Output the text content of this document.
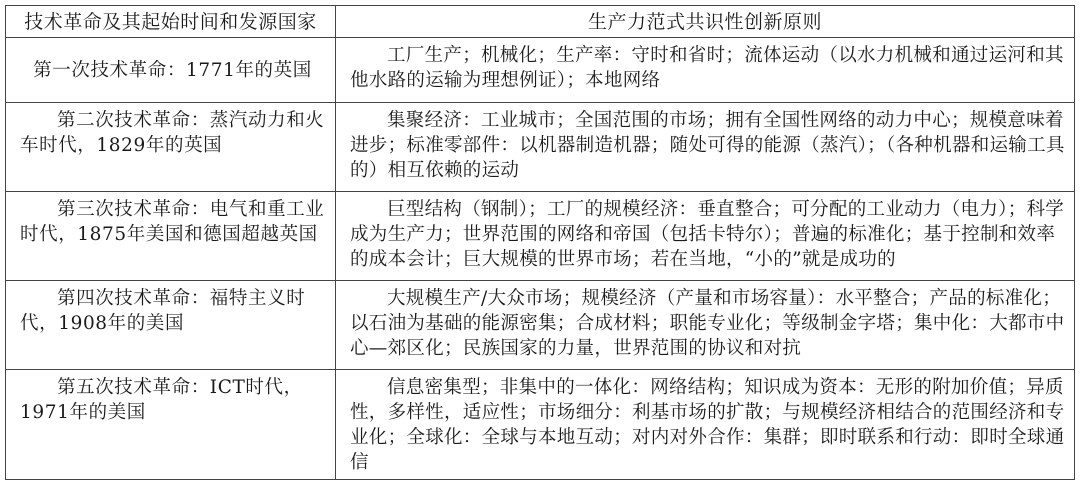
技术革命及其起始时间和发源国家	生产力范式共识性创新原则
第一次技术革命：1771年的英国	工厂生产；机械化；生产率：守时和省时；流体运动（以水力机械和通过运河和其他水路的运输为理想例证）；本地网络
第二次技术革命：蒸汽动力和火车时代，1829年的英国	集聚经济：工业城市；全国范围的市场；拥有全国性网络的动力中心；规模意味着进步；标准零部件：以机器制造机器；随处可得的能源（蒸汽）；（各种机器和运输工具的）相互依赖的运动
第三次技术革命：电气和重工业时代，1875年美国和德国超越英国	巨型结构（钢制）；工厂的规模经济：垂直整合；可分配的工业动力（电力）；科学成为生产力；世界范围的网络和帝国（包括卡特尔）；普遍的标准化；基于控制和效率的成本会计；巨大规模的世界市场；若在当地，“小的”就是成功的
第四次技术革命：福特主义时代，1908年的美国	大规模生产/大众市场；规模经济（产量和市场容量）：水平整合；产品的标准化；以石油为基础的能源密集；合成材料；职能专业化；等级制金字塔；集中化：大都市中心—郊区化；民族国家的力量，世界范围的协议和对抗
第五次技术革命：ICT时代，1971年的美国	信息密集型；非集中的一体化：网络结构；知识成为资本：无形的附加价值；异质性，多样性，适应性；市场细分：利基市场的扩散；与规模经济相结合的范围经济和专业化；全球化：全球与本地互动；对内对外合作：集群；即时联系和行动：即时全球通信
